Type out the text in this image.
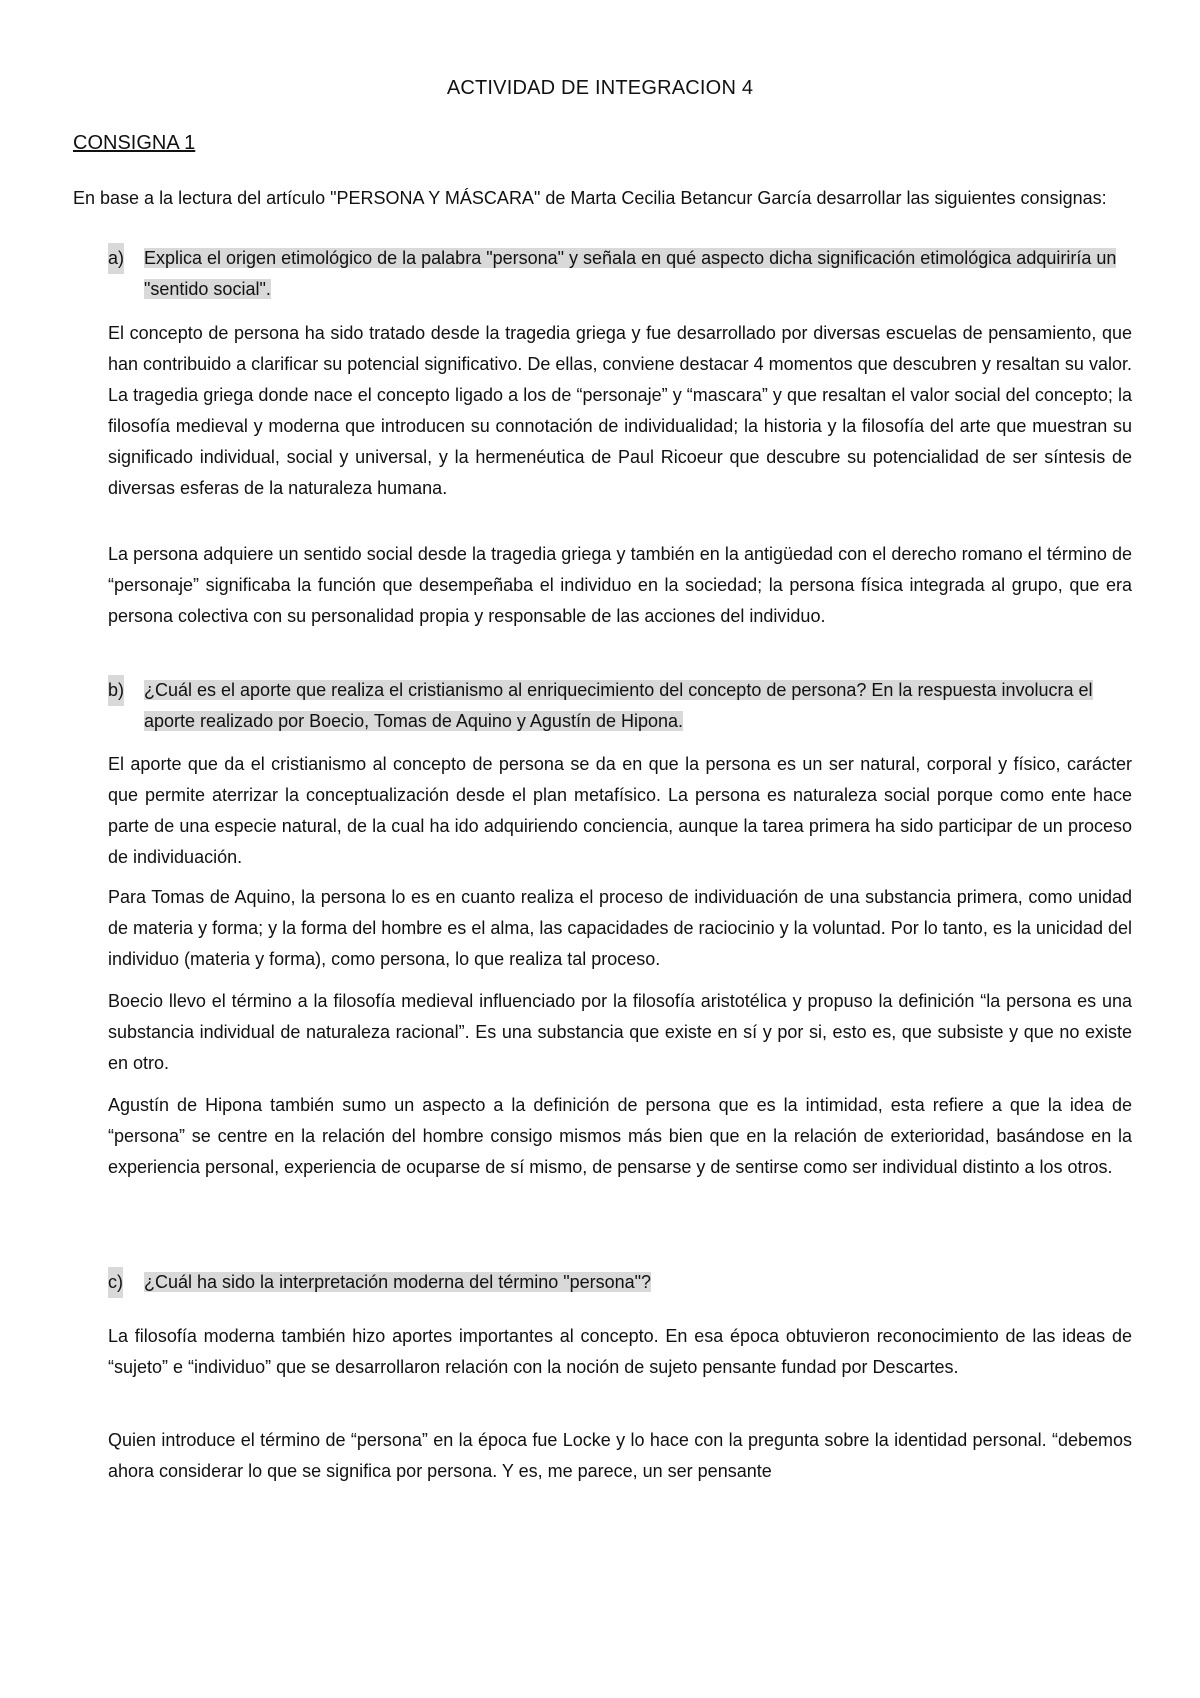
ACTIVIDAD DE INTEGRACION 4
CONSIGNA 1
En base a la lectura del artículo "PERSONA Y MÁSCARA" de Marta Cecilia Betancur García desarrollar las siguientes consignas:
a) Explica el origen etimológico de la palabra "persona" y señala en qué aspecto dicha significación etimológica adquiriría un "sentido social".
El concepto de persona ha sido tratado desde la tragedia griega y fue desarrollado por diversas escuelas de pensamiento, que han contribuido a clarificar su potencial significativo. De ellas, conviene destacar 4 momentos que descubren y resaltan su valor. La tragedia griega donde nace el concepto ligado a los de “personaje” y “mascara” y que resaltan el valor social del concepto; la filosofía medieval y moderna que introducen su connotación de individualidad; la historia y la filosofía del arte que muestran su significado individual, social y universal, y la hermenéutica de Paul Ricoeur que descubre su potencialidad de ser síntesis de diversas esferas de la naturaleza humana.
La persona adquiere un sentido social desde la tragedia griega y también en la antigüedad con el derecho romano el término de “personaje” significaba la función que desempeñaba el individuo en la sociedad; la persona física integrada al grupo, que era persona colectiva con su personalidad propia y responsable de las acciones del individuo.
b) ¿Cuál es el aporte que realiza el cristianismo al enriquecimiento del concepto de persona? En la respuesta involucra el aporte realizado por Boecio, Tomas de Aquino y Agustín de Hipona.
El aporte que da el cristianismo al concepto de persona se da en que la persona es un ser natural, corporal y físico, carácter que permite aterrizar la conceptualización desde el plan metafísico. La persona es naturaleza social porque como ente hace parte de una especie natural, de la cual ha ido adquiriendo conciencia, aunque la tarea primera ha sido participar de un proceso de individuación.
Para Tomas de Aquino, la persona lo es en cuanto realiza el proceso de individuación de una substancia primera, como unidad de materia y forma; y la forma del hombre es el alma, las capacidades de raciocinio y la voluntad. Por lo tanto, es la unicidad del individuo (materia y forma), como persona, lo que realiza tal proceso.
Boecio llevo el término a la filosofía medieval influenciado por la filosofía aristotélica y propuso la definición “la persona es una substancia individual de naturaleza racional”. Es una substancia que existe en sí y por si, esto es, que subsiste y que no existe en otro.
Agustín de Hipona también sumo un aspecto a la definición de persona que es la intimidad, esta refiere a que la idea de “persona” se centre en la relación del hombre consigo mismos más bien que en la relación de exterioridad, basándose en la experiencia personal, experiencia de ocuparse de sí mismo, de pensarse y de sentirse como ser individual distinto a los otros.
c) ¿Cuál ha sido la interpretación moderna del término "persona"?
La filosofía moderna también hizo aportes importantes al concepto. En esa época obtuvieron reconocimiento de las ideas de “sujeto” e “individuo” que se desarrollaron relación con la noción de sujeto pensante fundad por Descartes.
Quien introduce el término de “persona” en la época fue Locke y lo hace con la pregunta sobre la identidad personal. “debemos ahora considerar lo que se significa por persona. Y es, me parece, un ser pensante
